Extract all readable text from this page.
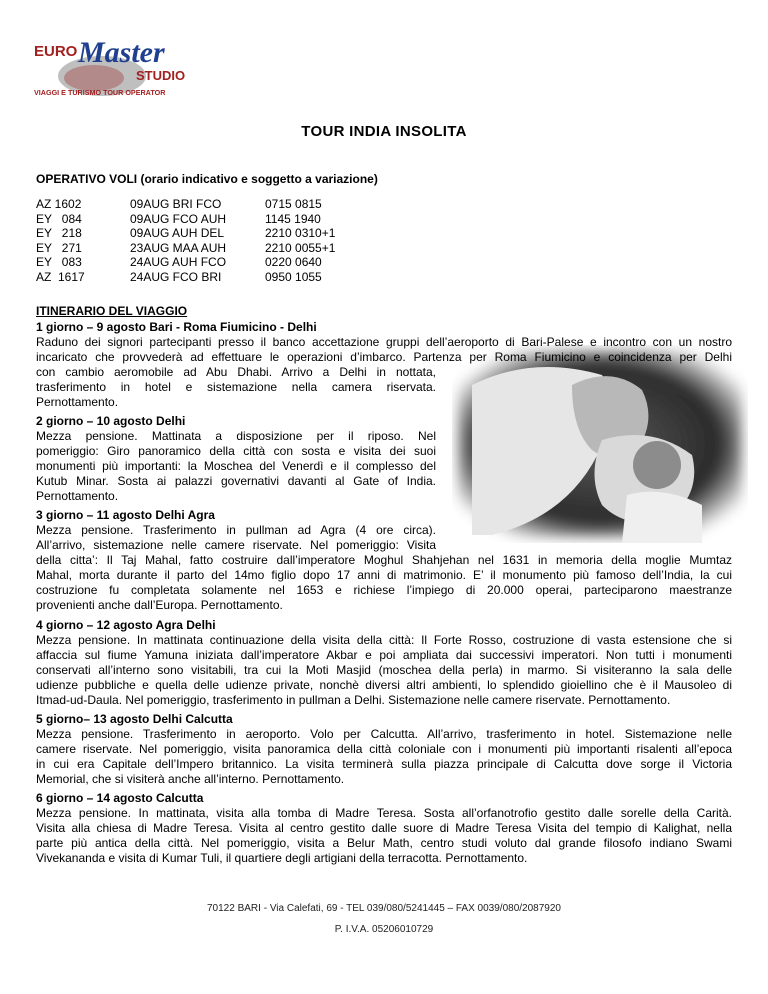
EURO Master
STUDIO
VIAGGI E TURISMO TOUR OPERATOR
TOUR INDIA INSOLITA
OPERATIVO VOLI (orario indicativo e soggetto a variazione)
AZ 1602	09AUG BRI FCO	0715 0815
EY   084	09AUG FCO AUH	1145 1940
EY   218	09AUG AUH DEL	2210 0310+1
EY   271	23AUG MAA AUH	2210 0055+1
EY   083	24AUG AUH FCO	0220 0640
AZ  1617	24AUG FCO BRI	0950 1055
ITINERARIO DEL VIAGGIO
1 giorno – 9 agosto Bari - Roma Fiumicino - Delhi
Raduno dei signori partecipanti presso il banco accettazione gruppi dell’aeroporto di Bari-Palese e incontro con un nostro
incaricato che provvederà ad effettuare le operazioni d’imbarco. Partenza per Roma Fiumicino e coincidenza per Delhi
con cambio aeromobile ad Abu Dhabi. Arrivo a Delhi in nottata,
trasferimento in hotel e sistemazione nella camera riservata.
Pernottamento.
2 giorno – 10 agosto Delhi
Mezza pensione. Mattinata a disposizione per il riposo. Nel
pomeriggio: Giro panoramico della città con sosta e visita dei suoi
monumenti più importanti: la Moschea del Venerdì e il complesso del
Kutub Minar. Sosta ai palazzi governativi davanti al Gate of India.
Pernottamento.
3 giorno – 11 agosto Delhi Agra
Mezza pensione. Trasferimento in pullman ad Agra (4 ore circa).
All’arrivo, sistemazione nelle camere riservate. Nel pomeriggio: Visita
della citta’: Il Taj Mahal, fatto costruire dall’imperatore Moghul Shahjehan nel 1631 in memoria della moglie Mumtaz
Mahal, morta durante il parto del 14mo figlio dopo 17 anni di matrimonio. E’ il monumento più famoso dell’India, la cui
costruzione fu completata solamente nel 1653 e richiese l’impiego di 20.000 operai, parteciparono maestranze
provenienti anche dall’Europa. Pernottamento.
4 giorno – 12 agosto Agra Delhi
Mezza pensione. In mattinata continuazione della visita della città: Il Forte Rosso, costruzione di vasta estensione che si
affaccia sul fiume Yamuna iniziata dall’imperatore Akbar e poi ampliata dai successivi imperatori. Non tutti i monumenti
conservati all’interno sono visitabili, tra cui la Moti Masjid (moschea della perla) in marmo. Si visiteranno la sala delle
udienze pubbliche e quella delle udienze private, nonchè diversi altri ambienti, lo splendido gioiellino che è il Mausoleo di
Itmad-ud-Daula. Nel pomeriggio, trasferimento in pullman a Delhi. Sistemazione nelle camere riservate. Pernottamento.
5 giorno– 13 agosto Delhi Calcutta
Mezza pensione. Trasferimento in aeroporto. Volo per Calcutta. All’arrivo, trasferimento in hotel. Sistemazione nelle
camere riservate. Nel pomeriggio, visita panoramica della città coloniale con i monumenti più importanti risalenti all’epoca
in cui era Capitale dell’Impero britannico. La visita terminerà sulla piazza principale di Calcutta dove sorge il Victoria
Memorial, che si visiterà anche all’interno. Pernottamento.
6 giorno – 14 agosto Calcutta
Mezza pensione. In mattinata, visita alla tomba di Madre Teresa. Sosta all’orfanotrofio gestito dalle sorelle della Carità.
Visita alla chiesa di Madre Teresa. Visita al centro gestito dalle suore di Madre Teresa Visita del tempio di Kalighat, nella
parte più antica della città. Nel pomeriggio, visita a Belur Math, centro studi voluto dal grande filosofo indiano Swami
Vivekananda e visita di Kumar Tuli, il quartiere degli artigiani della terracotta. Pernottamento.
70122 BARI - Via Calefati, 69 - TEL 039/080/5241445 – FAX 0039/080/2087920
P. I.V.A. 05206010729
